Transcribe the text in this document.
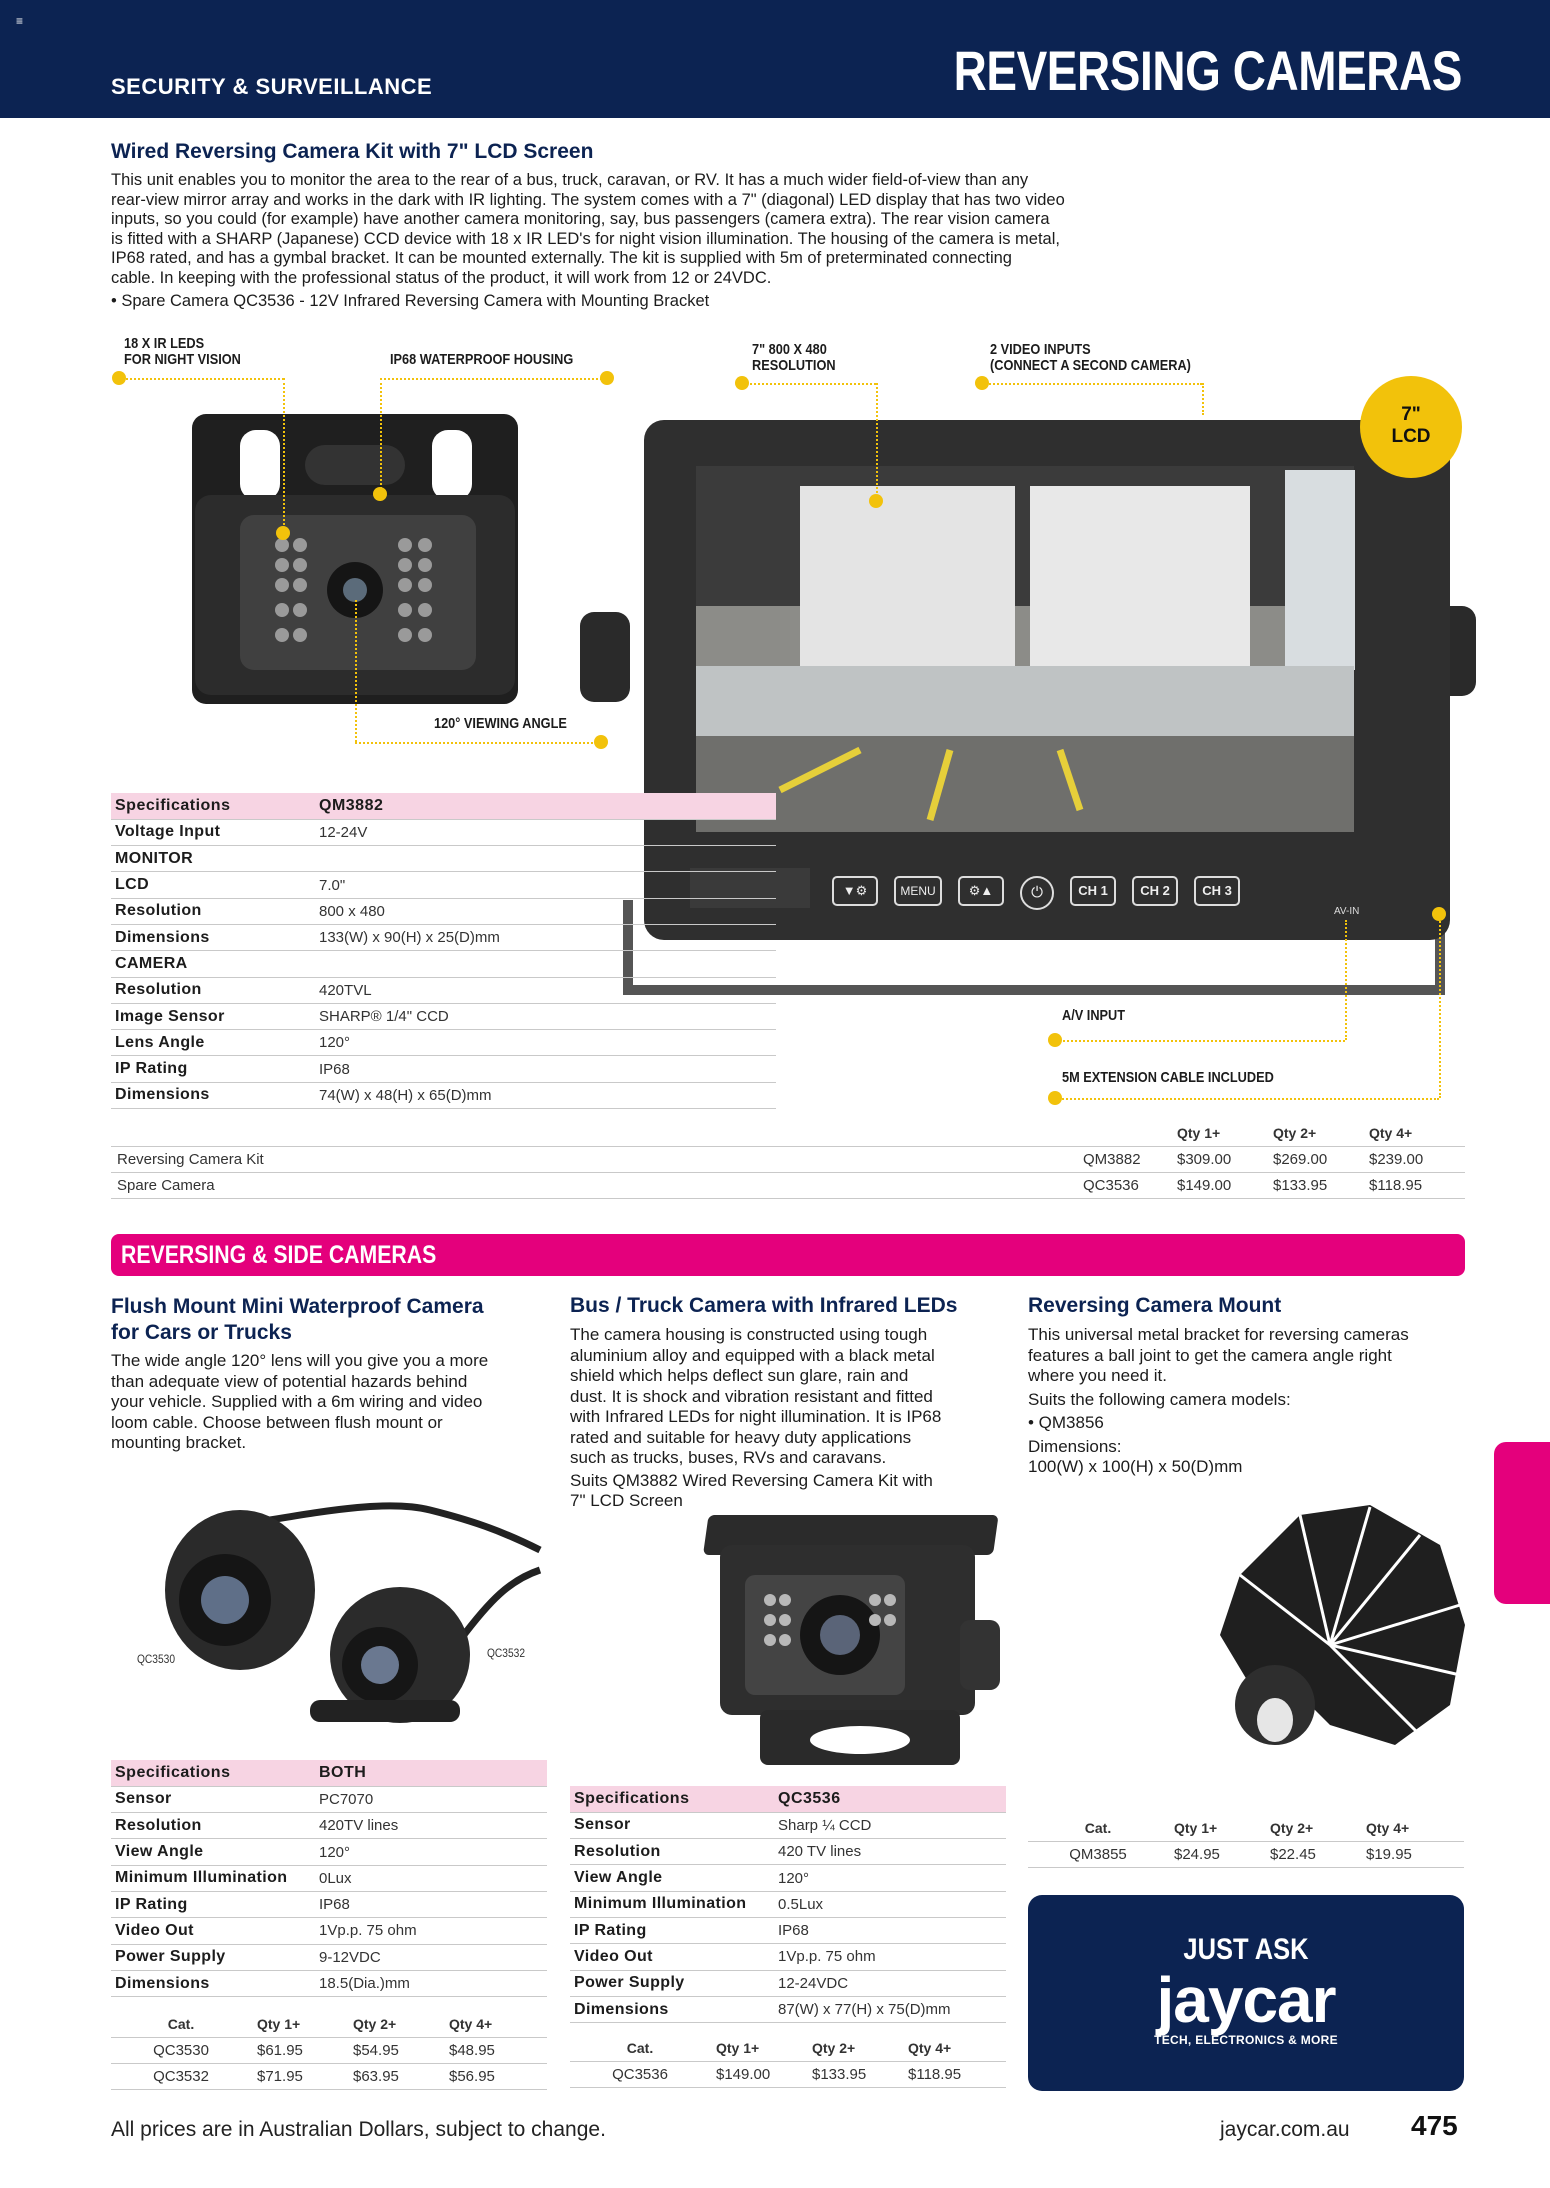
≡
SECURITY & SURVEILLANCE	REVERSING CAMERAS
Wired Reversing Camera Kit with 7" LCD Screen
This unit enables you to monitor the area to the rear of a bus, truck, caravan, or RV. It has a much wider field-of-view than any
rear-view mirror array and works in the dark with IR lighting. The system comes with a 7" (diagonal) LED display that has two video
inputs, so you could (for example) have another camera monitoring, say, bus passengers (camera extra). The rear vision camera
is fitted with a SHARP (Japanese) CCD device with 18 x IR LED's for night vision illumination. The housing of the camera is metal,
IP68 rated, and has a gymbal bracket. It can be mounted externally. The kit is supplied with 5m of preterminated connecting
cable. In keeping with the professional status of the product, it will work from 12 or 24VDC.
• Spare Camera QC3536 - 12V Infrared Reversing Camera with Mounting Bracket
▼⚙	MENU	⚙▲	⏻	CH 1	CH 2	CH 3
AV-IN
7"
LCD
18 X IR LEDS
FOR NIGHT VISION	IP68 WATERPROOF HOUSING
7" 800 X 480
RESOLUTION
2 VIDEO INPUTS
(CONNECT A SECOND CAMERA)
120° VIEWING ANGLE
A/V INPUT
5M EXTENSION CABLE INCLUDED
Specifications	QM3882
Voltage Input	12-24V
MONITOR	
LCD	7.0"
Resolution	800 x 480
Dimensions	133(W) x 90(H) x 25(D)mm
CAMERA	
Resolution	420TVL
Image Sensor	SHARP® 1/4" CCD
Lens Angle	120°
IP Rating	IP68
Dimensions	74(W) x 48(H) x 65(D)mm
		Qty 1+	Qty 2+	Qty 4+
Reversing Camera Kit	QM3882	$309.00	$269.00	$239.00
Spare Camera	QC3536	$149.00	$133.95	$118.95
REVERSING & SIDE CAMERAS
Flush Mount Mini Waterproof Camera
for Cars or Trucks
The wide angle 120° lens will you give you a more
than adequate view of potential hazards behind
your vehicle. Supplied with a 6m wiring and video
loom cable. Choose between flush mount or
mounting bracket.
QC3530	QC3532
Specifications	BOTH
Sensor	PC7070
Resolution	420TV lines
View Angle	120°
Minimum Illumination	0Lux
IP Rating	IP68
Video Out	1Vp.p. 75 ohm
Power Supply	9-12VDC
Dimensions	18.5(Dia.)mm
Cat.	Qty 1+	Qty 2+	Qty 4+
QC3530	$61.95	$54.95	$48.95
QC3532	$71.95	$63.95	$56.95
Bus / Truck Camera with Infrared LEDs
The camera housing is constructed using tough
aluminium alloy and equipped with a black metal
shield which helps deflect sun glare, rain and
dust. It is shock and vibration resistant and fitted
with Infrared LEDs for night illumination. It is IP68
rated and suitable for heavy duty applications
such as trucks, buses, RVs and caravans.
Suits QM3882 Wired Reversing Camera Kit with
7" LCD Screen
Specifications	QC3536
Sensor	Sharp ¼ CCD
Resolution	420 TV lines
View Angle	120°
Minimum Illumination	0.5Lux
IP Rating	IP68
Video Out	1Vp.p. 75 ohm
Power Supply	12-24VDC
Dimensions	87(W) x 77(H) x 75(D)mm
Cat.	Qty 1+	Qty 2+	Qty 4+
QC3536	$149.00	$133.95	$118.95
Reversing Camera Mount
This universal metal bracket for reversing cameras
features a ball joint to get the camera angle right
where you need it.
Suits the following camera models:
• QM3856
Dimensions:
100(W) x 100(H) x 50(D)mm
Cat.	Qty 1+	Qty 2+	Qty 4+
QM3855	$24.95	$22.45	$19.95
JUST ASK
jaycar
TECH, ELECTRONICS & MORE
All prices are in Australian Dollars, subject to change.	jaycar.com.au 475
